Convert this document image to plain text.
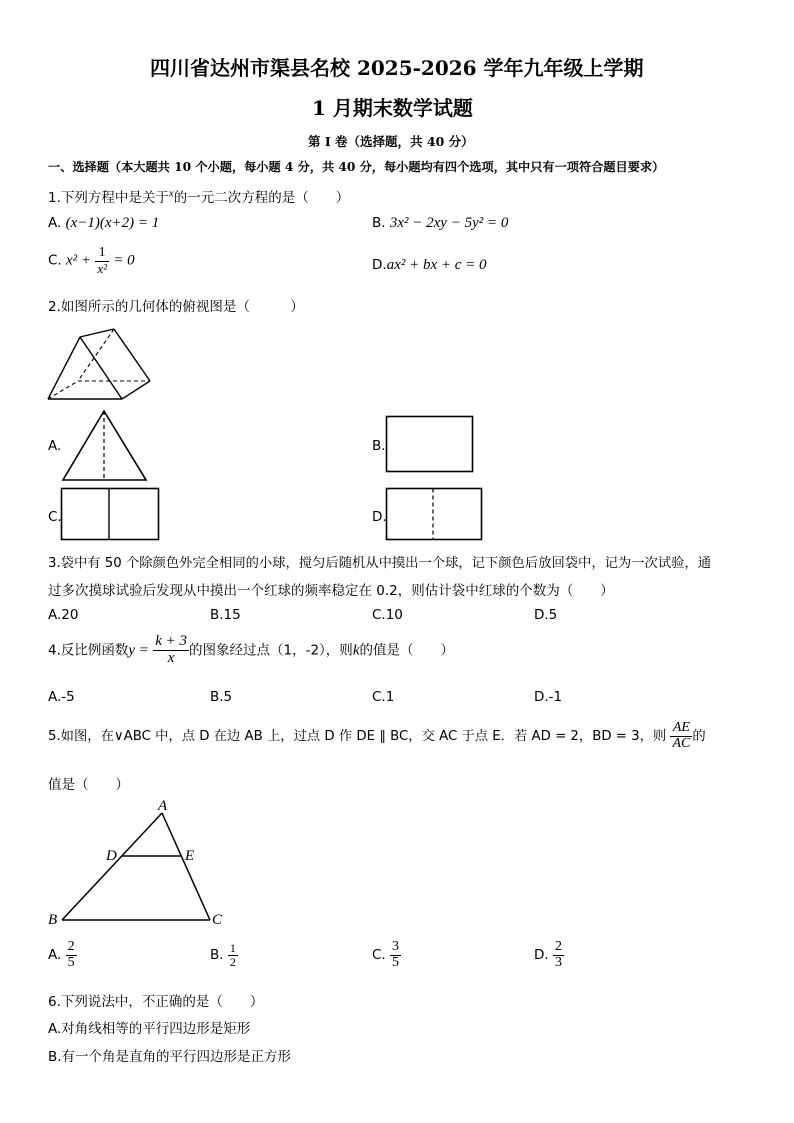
四川省达州市渠县名校 2025-2026 学年九年级上学期
1 月期末数学试题
第 I 卷（选择题，共 40 分）
一、选择题（本大题共 10 个小题，每小题 4 分，共 40 分，每小题均有四个选项，其中只有一项符合题目要求）
1.下列方程中是关于$^x$的一元二次方程的是（　　）
A. (x−1)(x+2) = 1	B. 3x² − 2xy − 5y² = 0
C. $x^2 + \frac{1}{\text{x²}} = 0$	D.ax² + bx + c = 0
2.如图所示的几何体的俯视图是（　　　）
A.	B.
C.	D.
3.袋中有 50 个除颜色外完全相同的小球，搅匀后随机从中摸出一个球，记下颜色后放回袋中，记为一次试验，通
过多次摸球试验后发现从中摸出一个红球的频率稳定在 0.2，则估计袋中红球的个数为（　　）
A.20	B.15	C.10	D.5
4.反比例函数$y = \frac{k + 3}{x}$ 的图象经过点（1，-2），则k的值是（　　）
A.-5	B.5	C.1	D.-1
5.如图，在∨ABC 中，点 D 在边 AB 上，过点 D 作 DE ∥ BC，交 AC 于点 E．若 AD = 2，BD = 3，则 $\frac{AE}{AC}$ 的
值是（　　）
A
D	E
B	C
A. $\frac{2}{5}$	B. $\frac{1}{2}$	C. $\frac{3}{5}$	D. $\frac{2}{3}$
6.下列说法中，不正确的是（　　）
A.对角线相等的平行四边形是矩形
B.有一个角是直角的平行四边形是正方形
